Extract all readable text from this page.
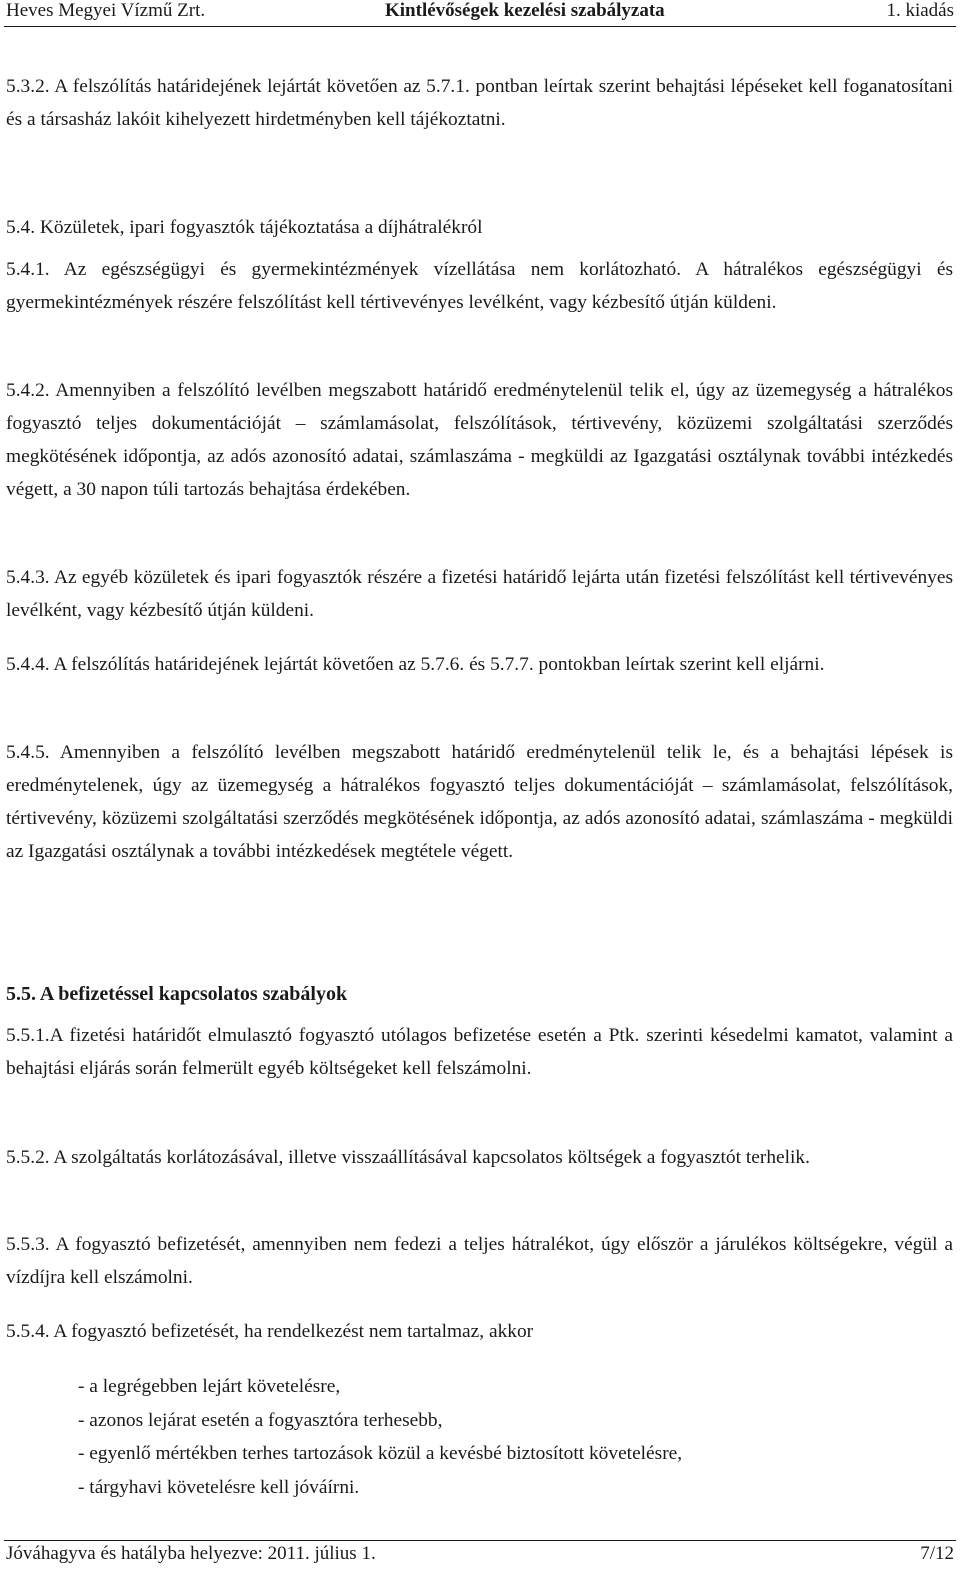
Heves Megyei Vízmű Zrt.	Kintlévőségek kezelési szabályzata	1. kiadás

5.3.2. A felszólítás határidejének lejártát követően az 5.7.1. pontban leírtak szerint behajtási lépéseket kell foganatosítani és a társasház lakóit kihelyezett hirdetményben kell tájékoztatni.

5.4. Közületek, ipari fogyasztók tájékoztatása a díjhátralékról

5.4.1. Az egészségügyi és gyermekintézmények vízellátása nem korlátozható. A hátralékos egészségügyi és gyermekintézmények részére felszólítást kell tértivevényes levélként, vagy kézbesítő útján küldeni.

5.4.2. Amennyiben a felszólító levélben megszabott határidő eredménytelenül telik el, úgy az üzemegység a hátralékos fogyasztó teljes dokumentációját – számlamásolat, felszólítások, tértivevény, közüzemi szolgáltatási szerződés megkötésének időpontja, az adós azonosító adatai, számlaszáma - megküldi az Igazgatási osztálynak további intézkedés végett, a 30 napon túli tartozás behajtása érdekében.

5.4.3. Az egyéb közületek és ipari fogyasztók részére a fizetési határidő lejárta után fizetési felszólítást kell tértivevényes levélként, vagy kézbesítő útján küldeni.

5.4.4. A felszólítás határidejének lejártát követően az 5.7.6. és 5.7.7. pontokban leírtak szerint kell eljárni.

5.4.5. Amennyiben a felszólító levélben megszabott határidő eredménytelenül telik le, és a behajtási lépések is eredménytelenek, úgy az üzemegység a hátralékos fogyasztó teljes dokumentációját – számlamásolat, felszólítások, tértivevény, közüzemi szolgáltatási szerződés megkötésének időpontja, az adós azonosító adatai, számlaszáma - megküldi az Igazgatási osztálynak a további intézkedések megtétele végett.

5.5. A befizetéssel kapcsolatos szabályok

5.5.1.A fizetési határidőt elmulasztó fogyasztó utólagos befizetése esetén a Ptk. szerinti késedelmi kamatot, valamint a behajtási eljárás során felmerült egyéb költségeket kell felszámolni.

5.5.2. A szolgáltatás korlátozásával, illetve visszaállításával kapcsolatos költségek a fogyasztót terhelik.

5.5.3. A fogyasztó befizetését, amennyiben nem fedezi a teljes hátralékot, úgy először a járulékos költségekre, végül a vízdíjra kell elszámolni.

5.5.4. A fogyasztó befizetését, ha rendelkezést nem tartalmaz, akkor

- a legrégebben lejárt követelésre,
- azonos lejárat esetén a fogyasztóra terhesebb,
- egyenlő mértékben terhes tartozások közül a kevésbé biztosított követelésre,
- tárgyhavi követelésre kell jóváírni.
Jóváhagyva és hatályba helyezve: 2011. július 1.	7/12
